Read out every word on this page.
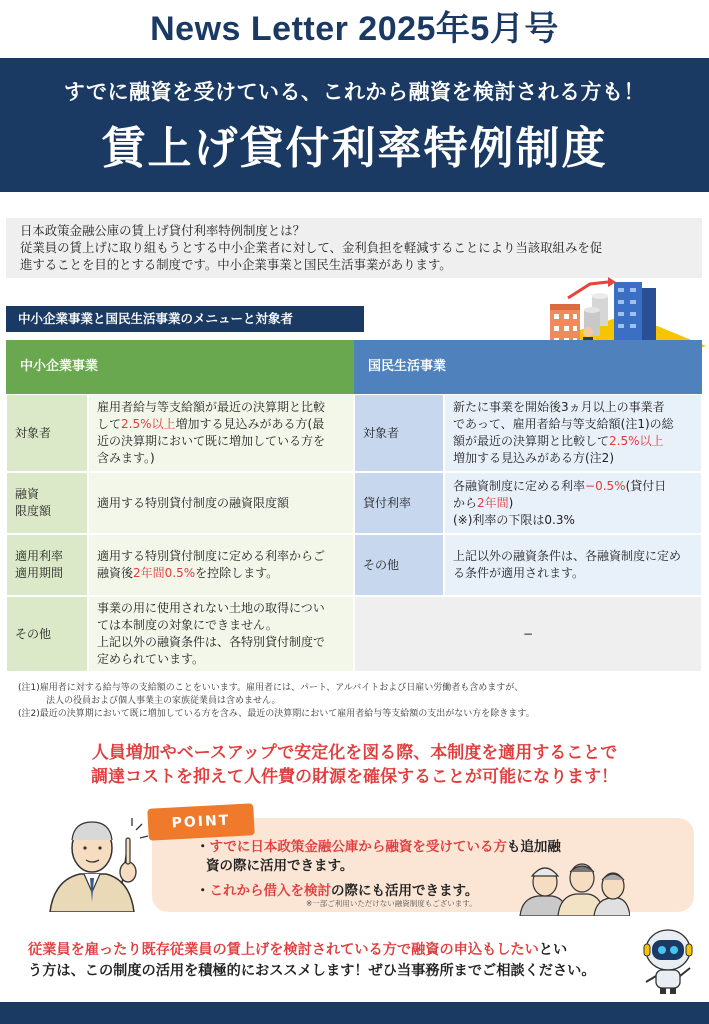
News Letter 2025年5月号
すでに融資を受けている、これから融資を検討される方も！
賃上げ貸付利率特例制度
日本政策金融公庫の賃上げ貸付利率特例制度とは？
従業員の賃上げに取り組もうとする中小企業者に対して、金利負担を軽減することにより当該取組みを促
進することを目的とする制度です。中小企業事業と国民生活事業があります。
中小企業事業と国民生活事業のメニューと対象者
中小企業事業	国民生活事業
対象者
雇用者給与等支給額が最近の決算期と比較
して2.5%以上増加する見込みがある方(最
近の決算期において既に増加している方を
含みます。)
融資
限度額
適用する特別貸付制度の融資限度額
適用利率
適用期間
適用する特別貸付制度に定める利率からご
融資後2年間0.5%を控除します。
その他
事業の用に使用されない土地の取得につい
ては本制度の対象にできません。
上記以外の融資条件は、各特別貸付制度で
定められています。
対象者
新たに事業を開始後3ヵ月以上の事業者
であって、雇用者給与等支給額(注1)の総
額が最近の決算期と比較して2.5%以上
増加する見込みがある方(注2)
貸付利率
各融資制度に定める利率−0.5%(貸付日
から2年間)
(※)利率の下限は0.3%
その他
上記以外の融資条件は、各融資制度に定め
る条件が適用されます。
−
(注1)雇用者に対する給与等の支給額のことをいいます。雇用者には、パート、アルバイトおよび日雇い労働者も含めますが、
法人の役員および個人事業主の家族従業員は含めません。
(注2)最近の決算期において既に増加している方を含み、最近の決算期において雇用者給与等支給額の支出がない方を除きます。
人員増加やベースアップで安定化を図る際、本制度を適用することで
調達コストを抑えて人件費の財源を確保することが可能になります！
POINT
・すでに日本政策金融公庫から融資を受けている方も追加融
資の際に活用できます。
・これから借入を検討の際にも活用できます。
※一部ご利用いただけない融資制度もございます。
従業員を雇ったり既存従業員の賃上げを検討されている方で融資の申込もしたいとい
う方は、この制度の活用を積極的におススメします！ぜひ当事務所までご相談ください。
